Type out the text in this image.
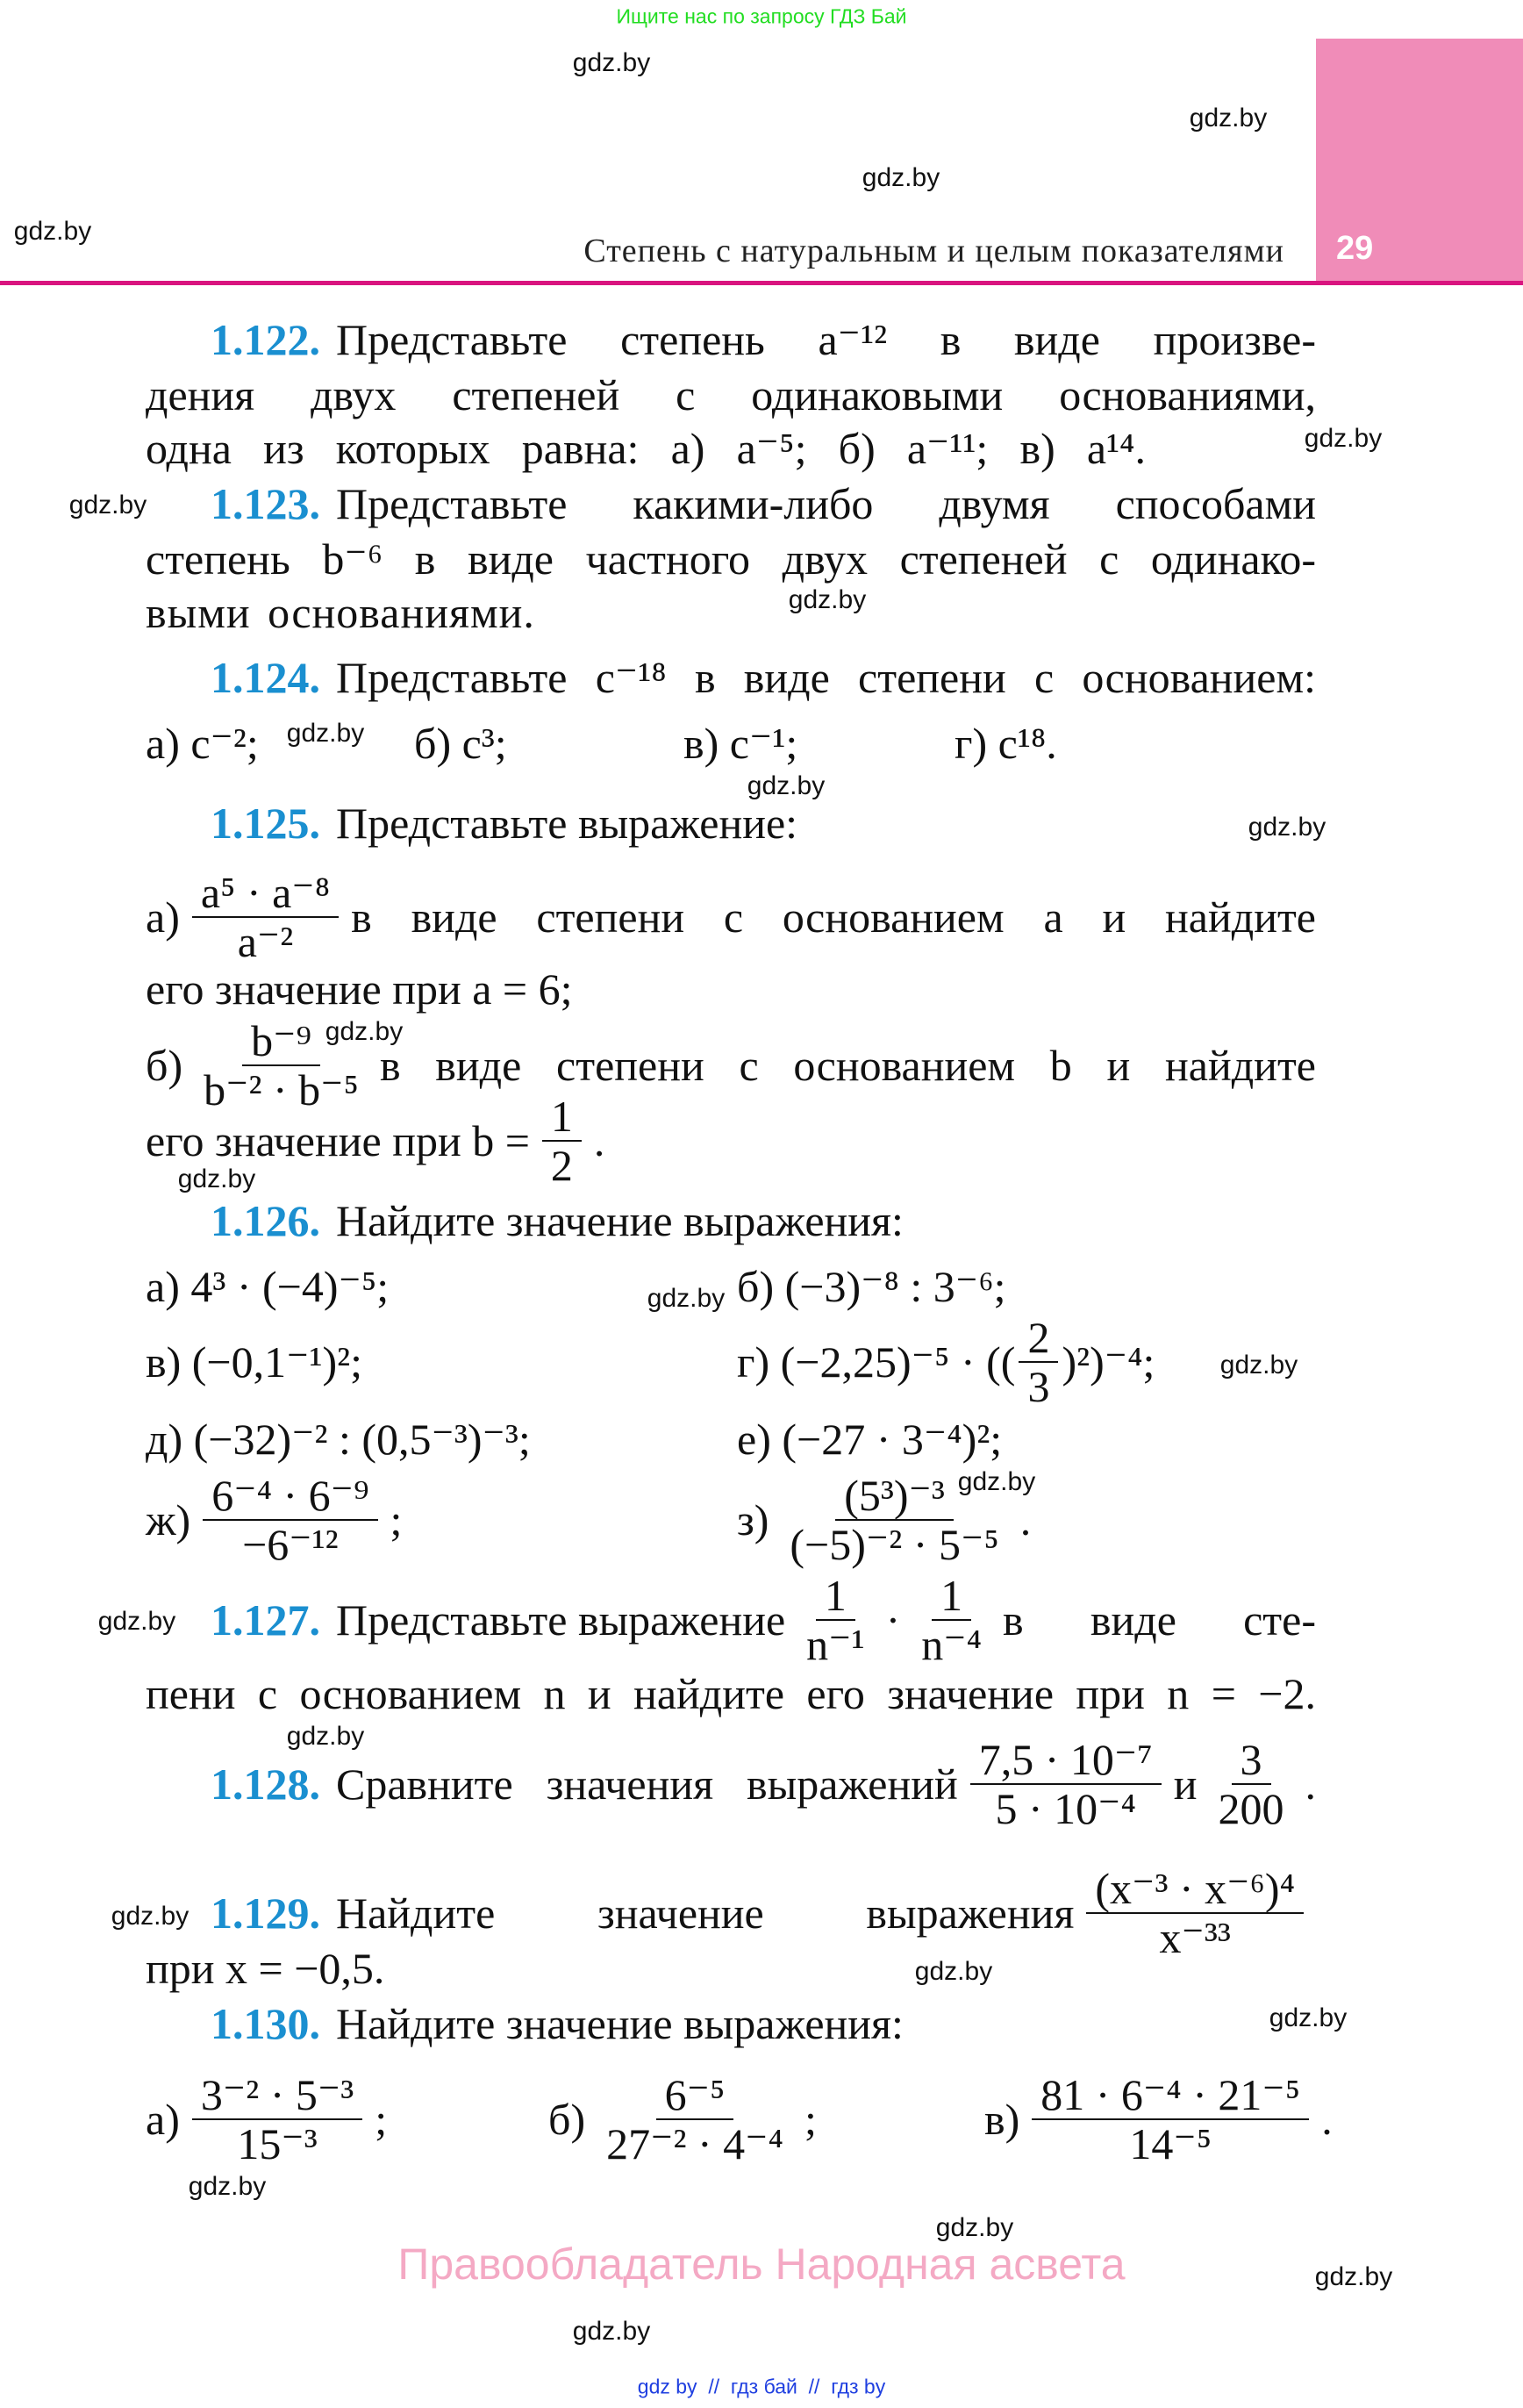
Ищите нас по запросу ГДЗ Бай
29
Степень с натуральным и целым показателями
gdz.by
gdz.by
gdz.by
gdz.by
gdz.by
gdz.by
gdz.by
gdz.by
gdz.by
gdz.by
gdz.by
gdz.by
gdz.by
gdz.by
gdz.by
gdz.by
gdz.by
gdz.by
gdz.by
gdz.by
gdz.by
gdz.by
gdz.by
gdz.by
1.122. Представьте степень a⁻¹² в виде произве-
дения двух степеней с одинаковыми основаниями,
одна из которых равна: а) a⁻⁵; б) a⁻¹¹; в) a¹⁴.
1.123. Представьте какими-либо двумя способами
степень b⁻⁶ в виде частного двух степеней с одинако-
выми основаниями.
1.124. Представьте c⁻¹⁸ в виде степени с основанием:
а) c⁻²;	б) c³;	в) c⁻¹;	г) c¹⁸.
1.125. Представьте выражение:
$а) \frac{\text{a⁵ · a⁻⁸}}{\text{a⁻²}}$ в виде степени с основанием a и найдите
его значение при a = 6;
$б) \frac{\text{b⁻⁹}}{\text{b⁻² · b⁻⁵}}$ в виде степени с основанием b и найдите
его значение при $b = \frac{1}{2}$ .
1.126. Найдите значение выражения:
а) 4³ · (−4)⁻⁵;	б) (−3)⁻⁸ : 3⁻⁶;
в) (−0,1⁻¹)²;	г) (−2,25)⁻⁵ · (( $\frac{2}{3} )^2)^{-4}$;
д) (−32)⁻² : (0,5⁻³)⁻³;	е) (−27 · 3⁻⁴)²;
$ж) \frac{\text{6⁻⁴ · 6⁻⁹}}{\text{−6⁻¹²}}$ ;	$з) \frac{\text{(5³)⁻³}}{\text{(−5)⁻² · 5⁻⁵}}$ .
1.127. Представьте выражение $\frac{1}{\text{n⁻¹}} \cdot \frac{1}{\text{n⁻⁴}}$ в виде сте-
пени с основанием n и найдите его значение при n = −2.
1.128. Сравните значения выражений $\frac{\text{7,5 · 10⁻⁷}}{\text{5 · 10⁻⁴}}$ и $\frac{3}{200}$ .
1.129. Найдите значение выражения $\frac{\text{(x⁻³ · x⁻⁶)⁴}}{\text{x⁻³³}}$
при x = −0,5.
1.130. Найдите значение выражения:
$а) \frac{\text{3⁻² · 5⁻³}}{\text{15⁻³}}$ ;	$б) \frac{\text{6⁻⁵}}{\text{27⁻² · 4⁻⁴}}$ ;	$в) \frac{\text{81 · 6⁻⁴ · 21⁻⁵}}{\text{14⁻⁵}}$ .
Правообладатель Народная асвета
gdz by  //  гдз бай  //  гдз by
